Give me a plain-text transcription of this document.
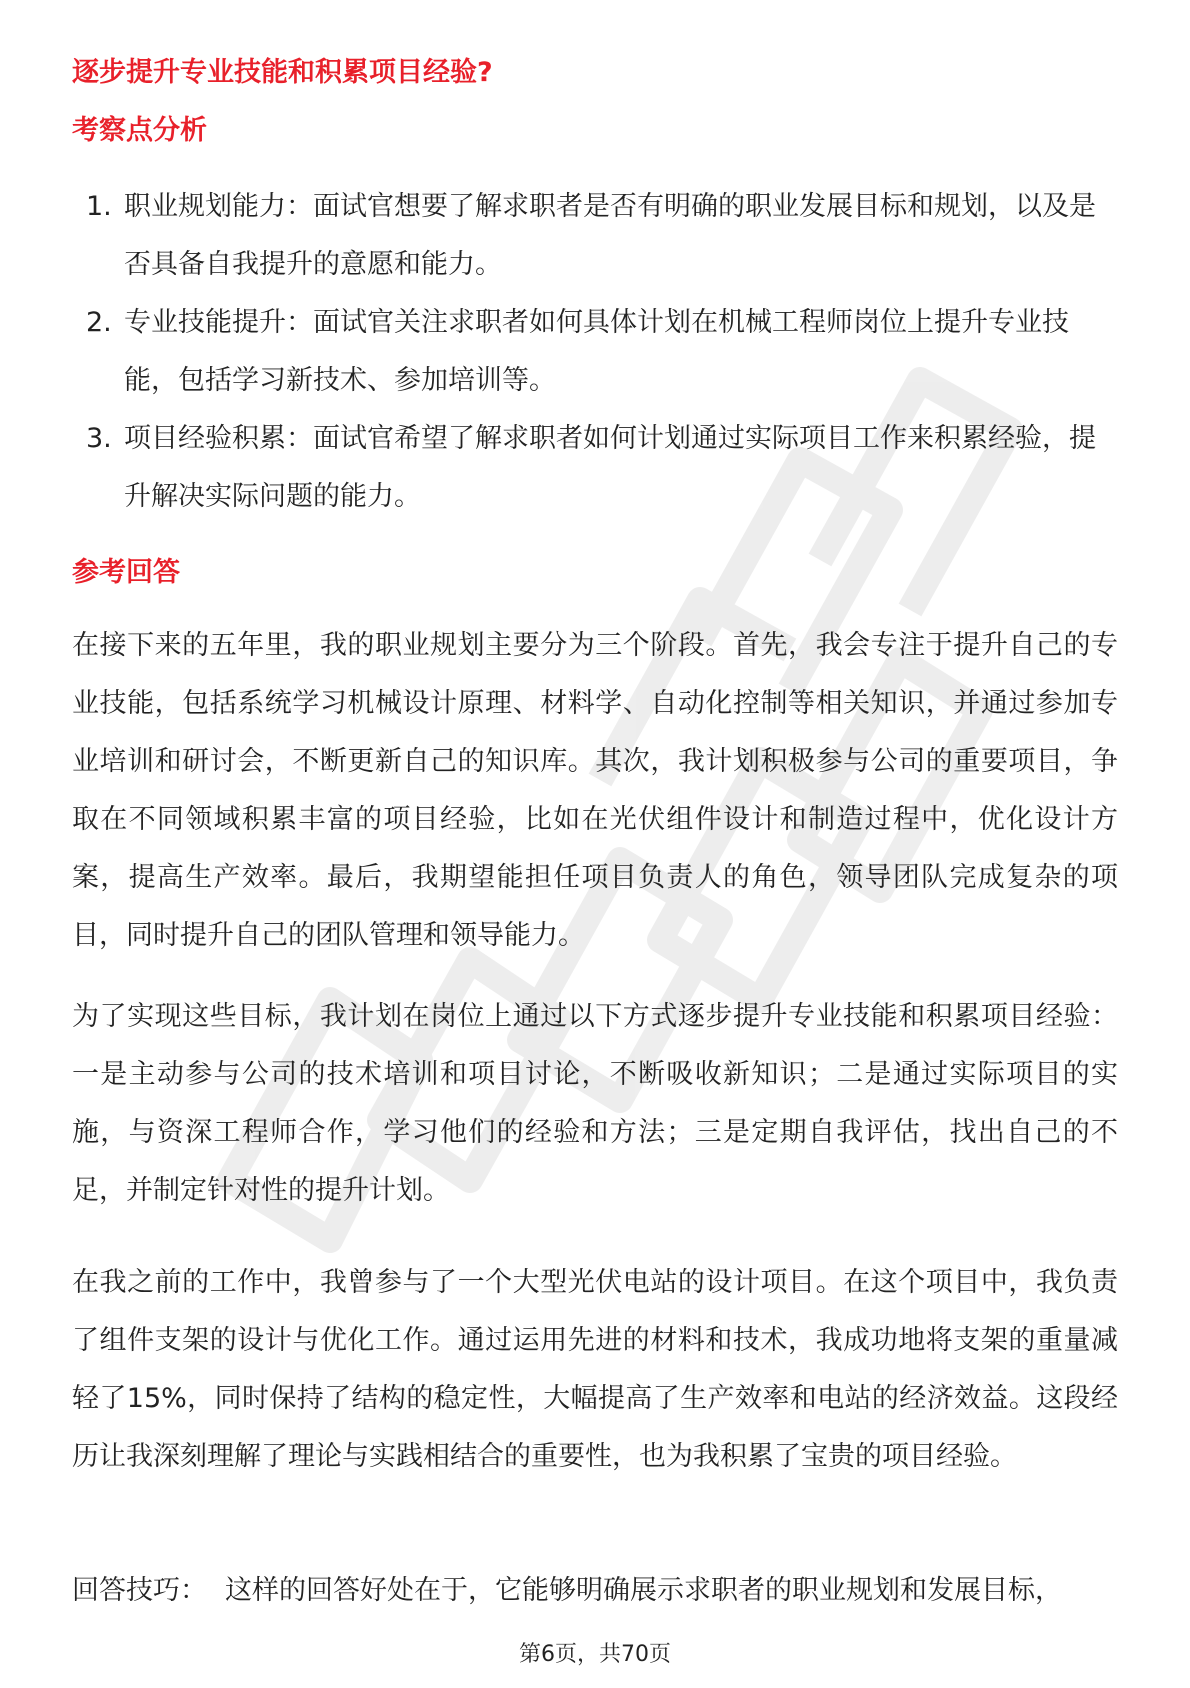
逐步提升专业技能和积累项目经验?
考察点分析
1. 职业规划能力：面试官想要了解求职者是否有明确的职业发展目标和规划，以及是否具备自我提升的意愿和能力。
2. 专业技能提升：面试官关注求职者如何具体计划在机械工程师岗位上提升专业技能，包括学习新技术、参加培训等。
3. 项目经验积累：面试官希望了解求职者如何计划通过实际项目工作来积累经验，提升解决实际问题的能力。
参考回答

在接下来的五年里，我的职业规划主要分为三个阶段。首先，我会专注于提升自己的专业技能，包括系统学习机械设计原理、材料学、自动化控制等相关知识，并通过参加专业培训和研讨会，不断更新自己的知识库。其次，我计划积极参与公司的重要项目，争取在不同领域积累丰富的项目经验，比如在光伏组件设计和制造过程中，优化设计方案，提高生产效率。最后，我期望能担任项目负责人的角色，领导团队完成复杂的项目，同时提升自己的团队管理和领导能力。

为了实现这些目标，我计划在岗位上通过以下方式逐步提升专业技能和积累项目经验：一是主动参与公司的技术培训和项目讨论，不断吸收新知识；二是通过实际项目的实施，与资深工程师合作，学习他们的经验和方法；三是定期自我评估，找出自己的不足，并制定针对性的提升计划。

在我之前的工作中，我曾参与了一个大型光伏电站的设计项目。在这个项目中，我负责了组件支架的设计与优化工作。通过运用先进的材料和技术，我成功地将支架的重量减轻了15%，同时保持了结构的稳定性，大幅提高了生产效率和电站的经济效益。这段经历让我深刻理解了理论与实践相结合的重要性，也为我积累了宝贵的项目经验。

回答技巧： 这样的回答好处在于，它能够明确展示求职者的职业规划和发展目标，

第6页，共70页
